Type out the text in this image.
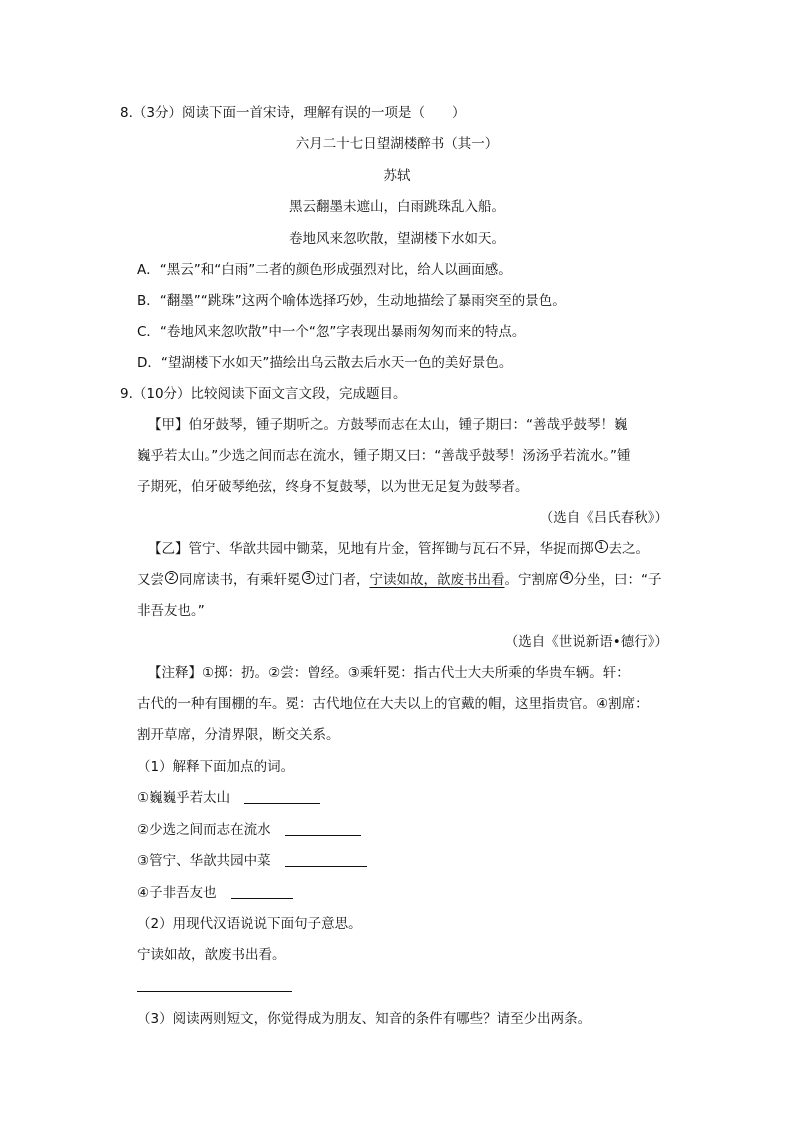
8.（3分）阅读下面一首宋诗，理解有误的一项是（　　）
六月二十七日望湖楼醉书（其一）
苏轼
黑云翻墨未遮山，白雨跳珠乱入船。
卷地风来忽吹散，望湖楼下水如天。
A．“黑云”和“白雨”二者的颜色形成强烈对比，给人以画面感。
B．“翻墨”“跳珠”这两个喻体选择巧妙，生动地描绘了暴雨突至的景色。
C．“卷地风来忽吹散”中一个“忽”字表现出暴雨匆匆而来的特点。
D．“望湖楼下水如天”描绘出乌云散去后水天一色的美好景色。
9.（10分）比较阅读下面文言文段，完成题目。
【甲】伯牙鼓琴，锺子期听之。方鼓琴而志在太山，锺子期曰：“善哉乎鼓琴！巍
巍乎若太山。”少选之间而志在流水，锺子期又曰：“善哉乎鼓琴！汤汤乎若流水。”锺
子期死，伯牙破琴绝弦，终身不复鼓琴，以为世无足复为鼓琴者。
（选自《吕氏春秋》）
【乙】管宁、华歆共园中锄菜，见地有片金，管挥锄与瓦石不异，华捉而掷 1 去之。
又尝 2 同席读书，有乘轩冕 3 过门者，宁读如故，歆废书出看。宁割席 4 分坐，曰：“子
非吾友也。”
（选自《世说新语•德行》）
【注释】①掷：扔。②尝：曾经。③乘轩冕：指古代士大夫所乘的华贵车辆。轩：
古代的一种有围棚的车。冕：古代地位在大夫以上的官戴的帽，这里指贵官。④割席：
割开草席，分清界限，断交关系。
（1）解释下面加点的词。
①巍巍乎若太山
②少选之间而志在流水
③管宁、华歆共园中菜
④子非吾友也
（2）用现代汉语说说下面句子意思。
宁读如故，歆废书出看。
（3）阅读两则短文，你觉得成为朋友、知音的条件有哪些？请至少出两条。
